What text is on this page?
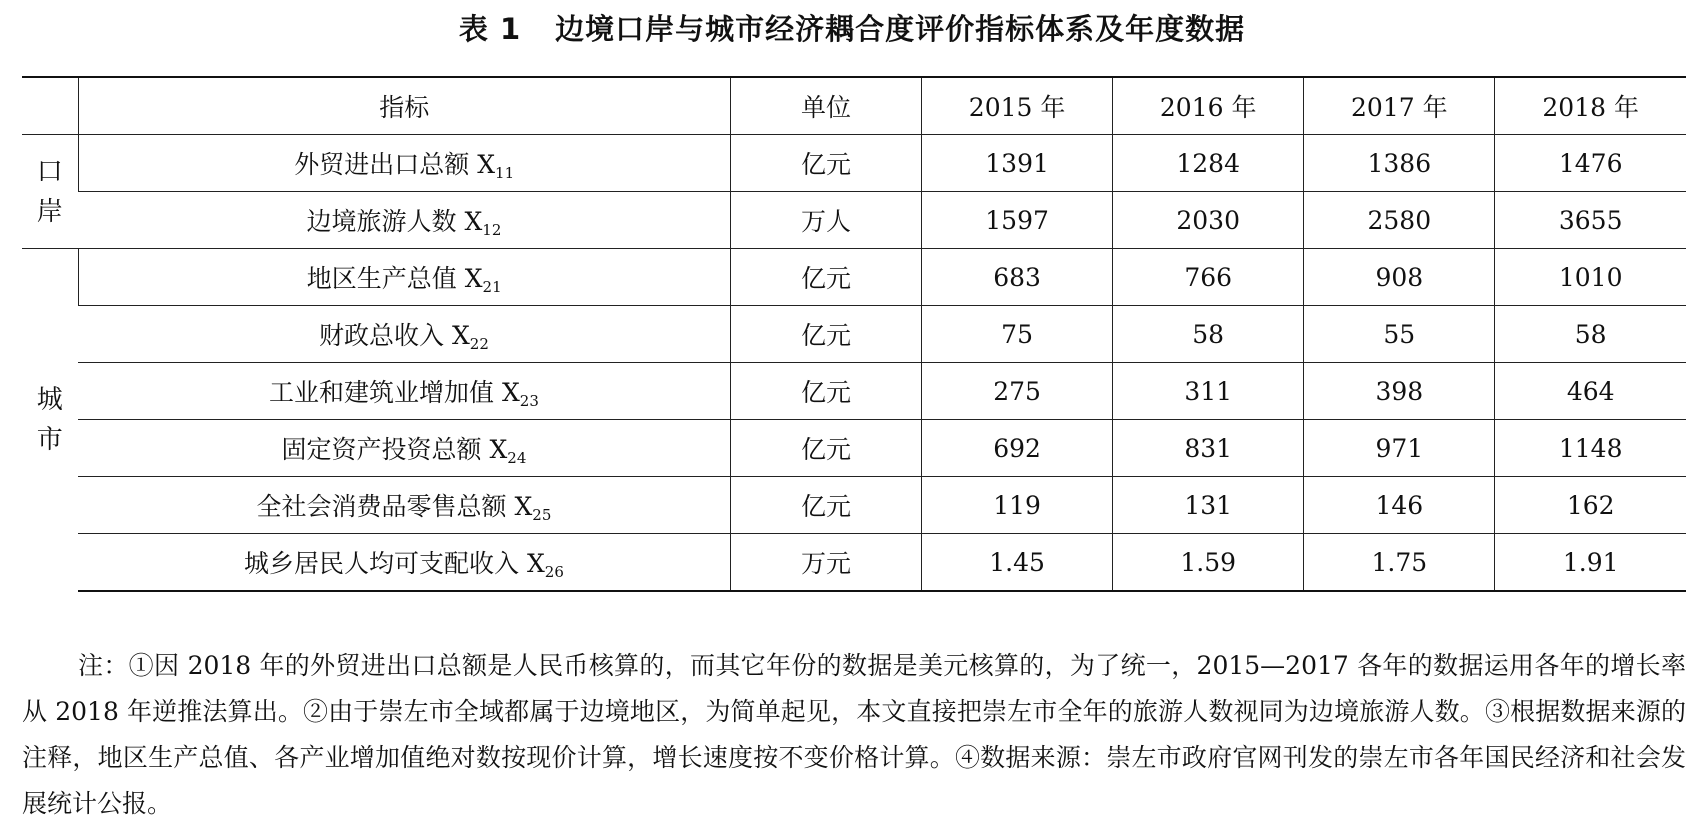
表 1 边境口岸与城市经济耦合度评价指标体系及年度数据
	指标	单位	2015 年	2016 年	2017 年	2018 年

口
岸	外贸进出口总额 $X_{11}$	亿元	1391	1284	1386	1476
	边境旅游人数 $X_{12}$	万人	1597	2030	2580	3655

城
市	地区生产总值 $X_{21}$	亿元	683	766	908	1010
	财政总收入 $X_{22}$	亿元	75	58	55	58
	工业和建筑业增加值 $X_{23}$	亿元	275	311	398	464
	固定资产投资总额 $X_{24}$	亿元	692	831	971	1148
	全社会消费品零售总额 $X_{25}$	亿元	119	131	146	162
	城乡居民人均可支配收入 $X_{26}$	万元	1.45	1.59	1.75	1.91

注：①因 2018 年的外贸进出口总额是人民币核算的，而其它年份的数据是美元核算的，为了统一，2015—2017 各年的数据运用各年的增长率从 2018 年逆推法算出。②由于崇左市全域都属于边境地区，为简单起见，本文直接把崇左市全年的旅游人数视同为边境旅游人数。③根据数据来源的注释，地区生产总值、各产业增加值绝对数按现价计算，增长速度按不变价格计算。④数据来源：崇左市政府官网刊发的崇左市各年国民经济和社会发展统计公报。
